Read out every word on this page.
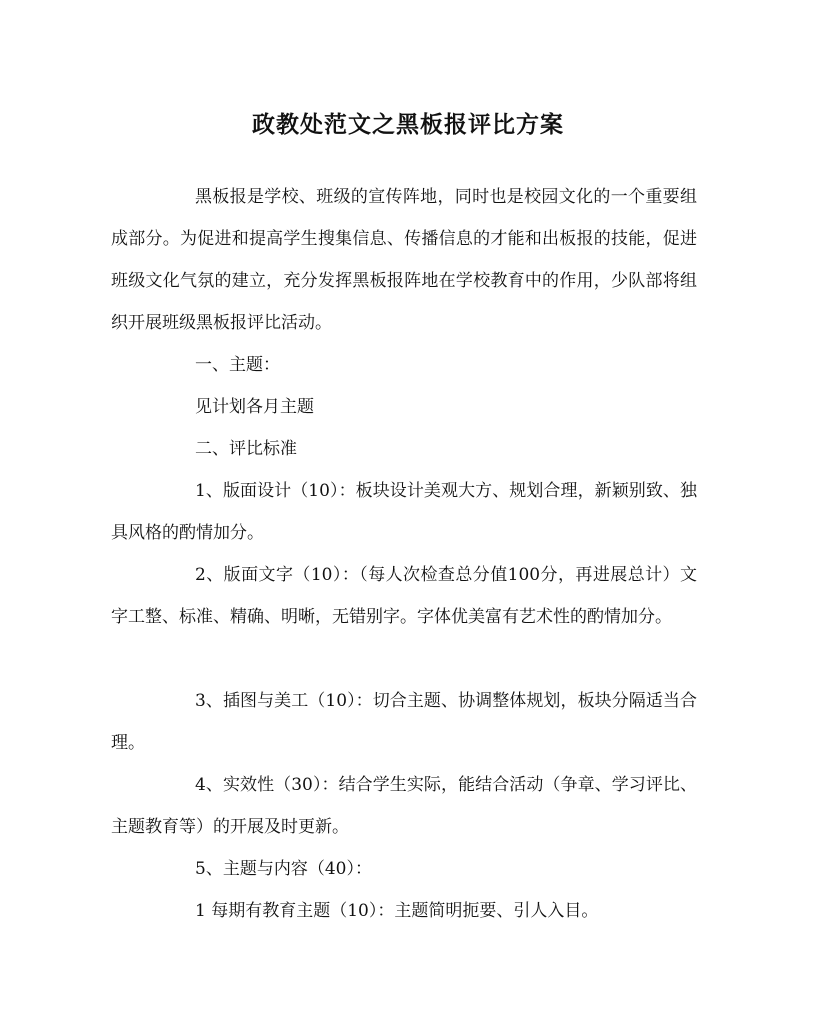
政教处范文之黑板报评比方案

黑板报是学校、班级的宣传阵地，同时也是校园文化的一个重要组成部分。为促进和提高学生搜集信息、传播信息的才能和出板报的技能，促进班级文化气氛的建立，充分发挥黑板报阵地在学校教育中的作用，少队部将组织开展班级黑板报评比活动。

一、主题：

见计划各月主题

二、评比标准

1、版面设计（10）：板块设计美观大方、规划合理，新颖别致、独具风格的酌情加分。

2、版面文字（10）：（每人次检查总分值100分，再进展总计）文字工整、标准、精确、明晰，无错别字。字体优美富有艺术性的酌情加分。

3、插图与美工（10）：切合主题、协调整体规划，板块分隔适当合理。

4、实效性（30）：结合学生实际，能结合活动（争章、学习评比、主题教育等）的开展及时更新。

5、主题与内容（40）：

1 每期有教育主题（10）：主题简明扼要、引人入目。
